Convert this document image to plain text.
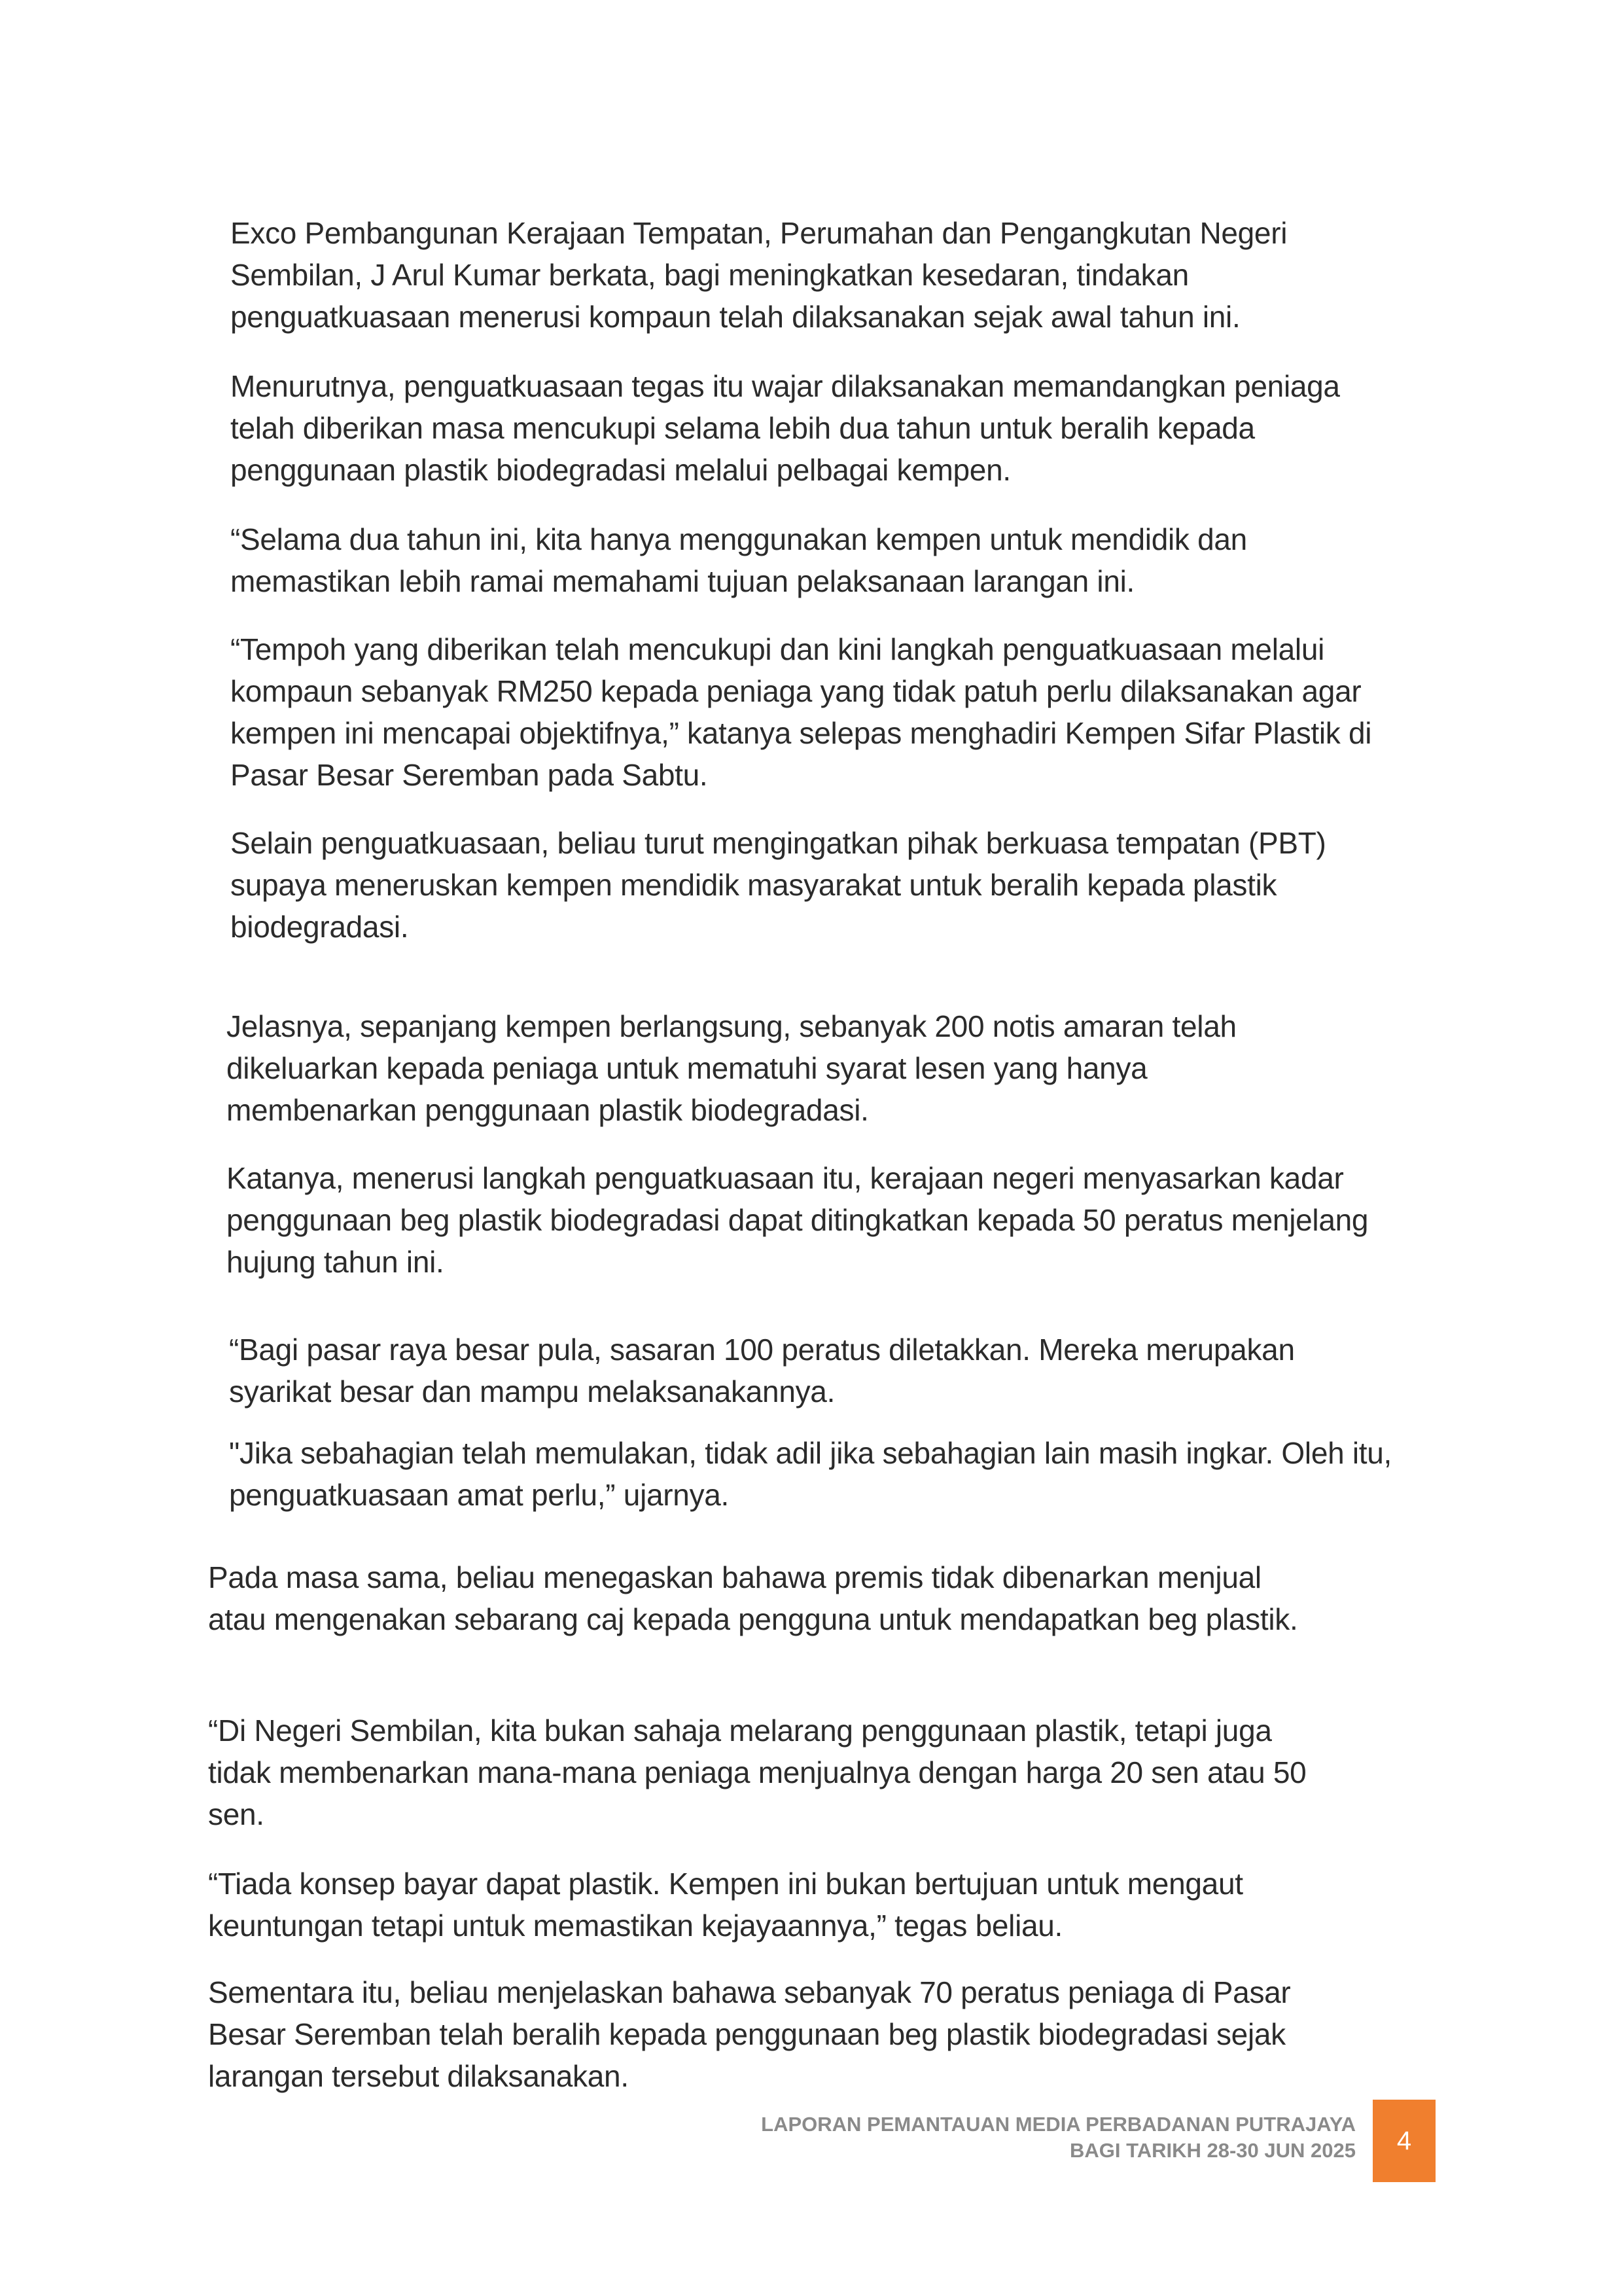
Exco Pembangunan Kerajaan Tempatan, Perumahan dan Pengangkutan Negeri Sembilan, J Arul Kumar berkata, bagi meningkatkan kesedaran, tindakan penguatkuasaan menerusi kompaun telah dilaksanakan sejak awal tahun ini.

Menurutnya, penguatkuasaan tegas itu wajar dilaksanakan memandangkan peniaga telah diberikan masa mencukupi selama lebih dua tahun untuk beralih kepada penggunaan plastik biodegradasi melalui pelbagai kempen.

“Selama dua tahun ini, kita hanya menggunakan kempen untuk mendidik dan memastikan lebih ramai memahami tujuan pelaksanaan larangan ini.

“Tempoh yang diberikan telah mencukupi dan kini langkah penguatkuasaan melalui kompaun sebanyak RM250 kepada peniaga yang tidak patuh perlu dilaksanakan agar kempen ini mencapai objektifnya,” katanya selepas menghadiri Kempen Sifar Plastik di Pasar Besar Seremban pada Sabtu.

Selain penguatkuasaan, beliau turut mengingatkan pihak berkuasa tempatan (PBT) supaya meneruskan kempen mendidik masyarakat untuk beralih kepada plastik biodegradasi.

Jelasnya, sepanjang kempen berlangsung, sebanyak 200 notis amaran telah dikeluarkan kepada peniaga untuk mematuhi syarat lesen yang hanya membenarkan penggunaan plastik biodegradasi.

Katanya, menerusi langkah penguatkuasaan itu, kerajaan negeri menyasarkan kadar penggunaan beg plastik biodegradasi dapat ditingkatkan kepada 50 peratus menjelang hujung tahun ini.

“Bagi pasar raya besar pula, sasaran 100 peratus diletakkan. Mereka merupakan syarikat besar dan mampu melaksanakannya.

"Jika sebahagian telah memulakan, tidak adil jika sebahagian lain masih ingkar. Oleh itu, penguatkuasaan amat perlu,” ujarnya.

Pada masa sama, beliau menegaskan bahawa premis tidak dibenarkan menjual atau mengenakan sebarang caj kepada pengguna untuk mendapatkan beg plastik.

“Di Negeri Sembilan, kita bukan sahaja melarang penggunaan plastik, tetapi juga tidak membenarkan mana-mana peniaga menjualnya dengan harga 20 sen atau 50 sen.

“Tiada konsep bayar dapat plastik. Kempen ini bukan bertujuan untuk mengaut keuntungan tetapi untuk memastikan kejayaannya,” tegas beliau.

Sementara itu, beliau menjelaskan bahawa sebanyak 70 peratus peniaga di Pasar Besar Seremban telah beralih kepada penggunaan beg plastik biodegradasi sejak larangan tersebut dilaksanakan.

LAPORAN PEMANTAUAN MEDIA PERBADANAN PUTRAJAYA
BAGI TARIKH 28-30 JUN 2025	4
